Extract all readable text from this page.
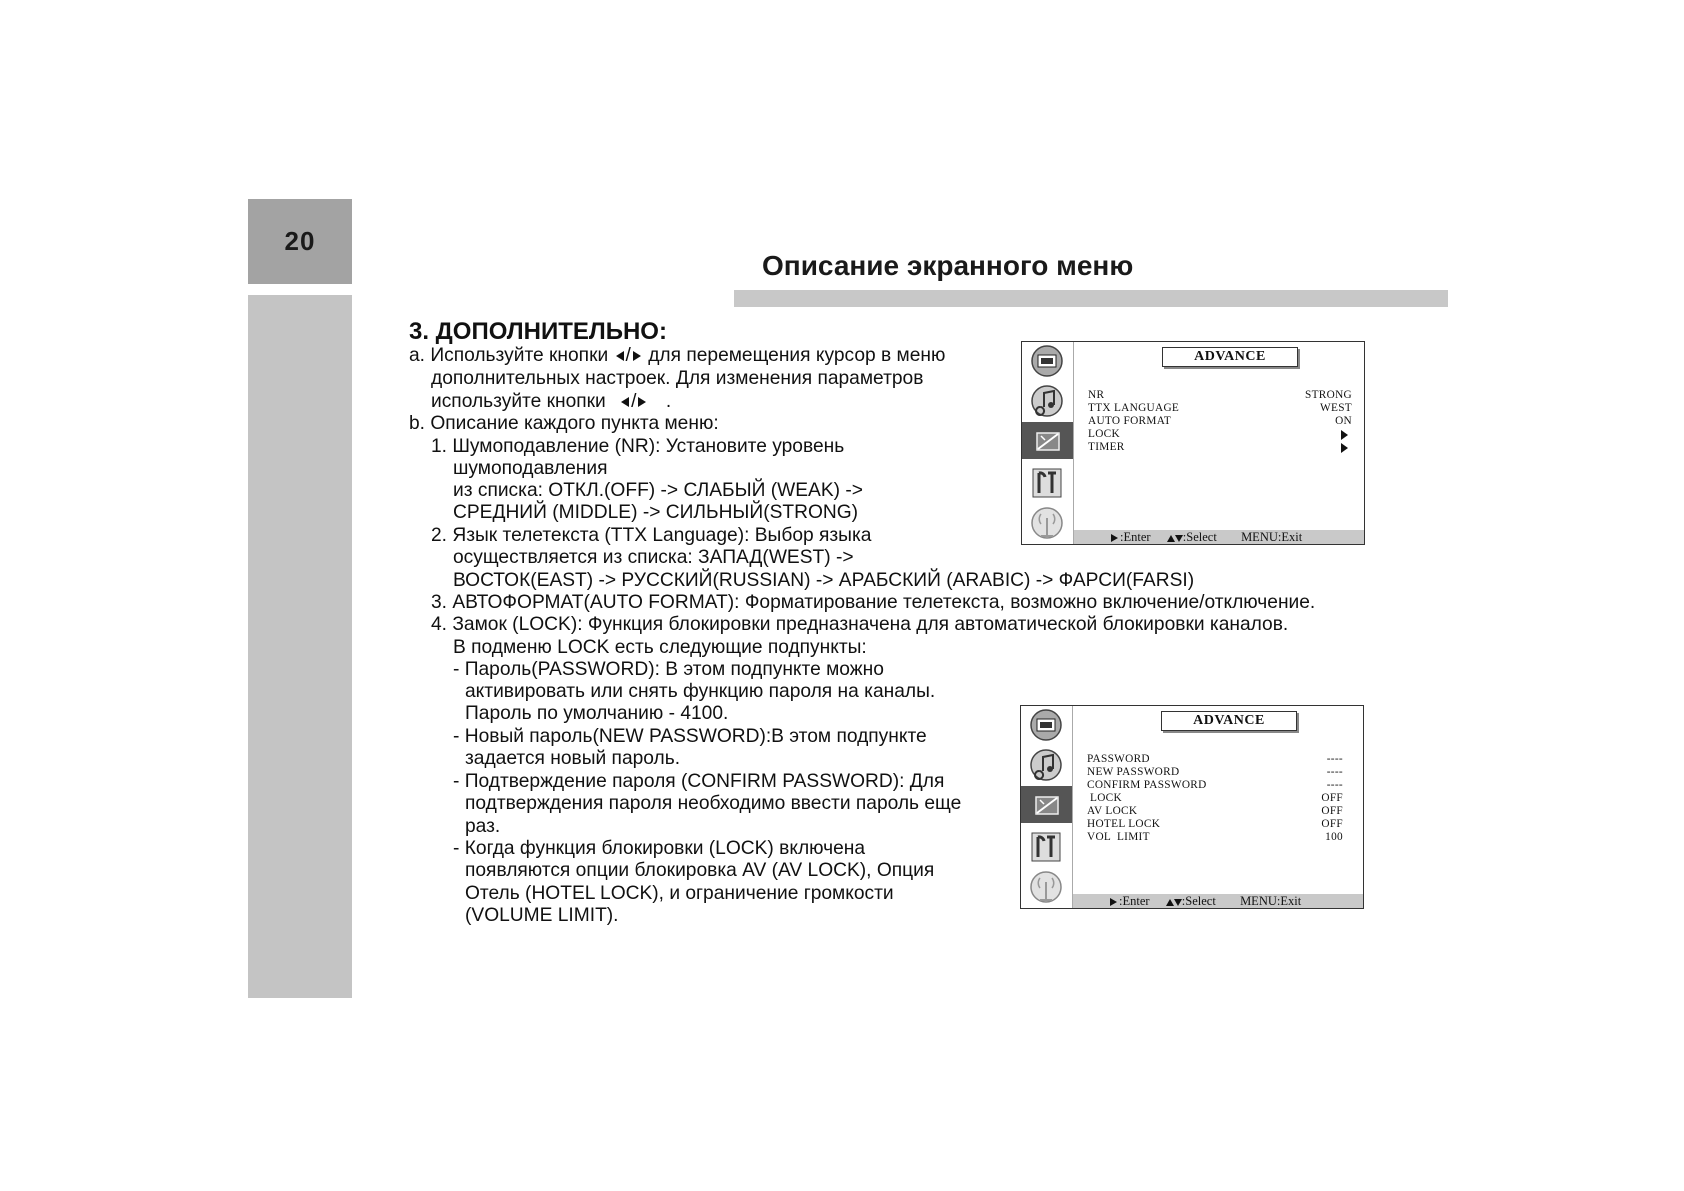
20
Описание экранного меню
3. ДОПОЛНИТЕЛЬНО:
a. Используйте кнопки / для перемещения курсор в меню
дополнительных настроек. Для изменения параметров
используйте кнопки / .
b. Описание каждого пункта меню:
1. Шумоподавление (NR): Установите уровень
шумоподавления
из списка: ОТКЛ.(OFF) -> СЛАБЫЙ (WEAK) ->
СРЕДНИЙ (MIDDLE) -> СИЛЬНЫЙ(STRONG)
2. Язык телетекста (TTX Language): Выбор языка
осуществляется из списка: ЗАПАД(WEST) ->
ВОСТОК(EAST) -> РУССКИЙ(RUSSIAN) -> АРАБСКИЙ (ARABIC) -> ФАРСИ(FARSI)
3. АВТОФОРМАТ(AUTO FORMAT): Форматирование телетекста, возможно включение/отключение.
4. Замок (LOCK): Функция блокировки предназначена для автоматической блокировки каналов.
В подменю LOCK есть следующие подпункты:
- Пароль(PASSWORD): В этом подпункте можно
активировать или снять функцию пароля на каналы.
Пароль по умолчанию - 4100.
- Новый пароль(NEW PASSWORD):В этом подпункте
задается новый пароль.
- Подтверждение пароля (CONFIRM PASSWORD): Для
подтверждения пароля необходимо ввести пароль еще
раз.
- Когда функция блокировки (LOCK) включена
появляются опции блокировка AV (AV LOCK), Опция
Отель (HOTEL LOCK), и ограничение громкости
(VOLUME LIMIT).
ADVANCE
NR	STRONG
TTX LANGUAGE	WEST
AUTO FORMAT	ON
LOCK
TIMER
:Enter	:Select MENU:Exit
ADVANCE
PASSWORD	----
NEW PASSWORD	----
CONFIRM PASSWORD	----
LOCK	OFF
AV LOCK	OFF
HOTEL LOCK	OFF
VOL  LIMIT	100
:Enter	:Select MENU:Exit
